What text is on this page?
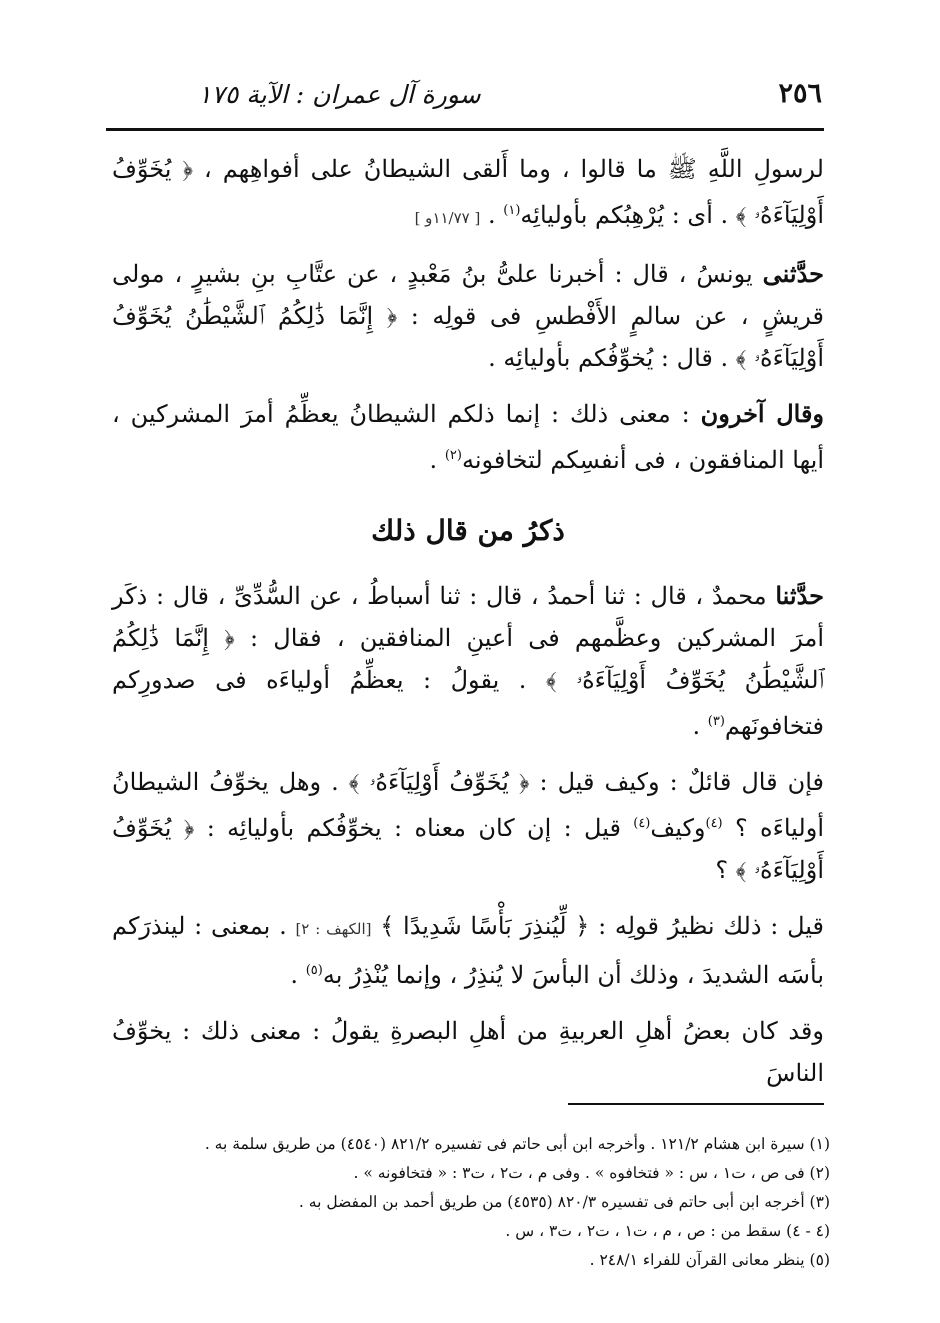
٢٥٦
سورة آل عمران : الآية ١٧٥

لرسولِ اللَّهِ ﷺ ما قالوا ، وما أَلقى الشيطانُ على أفواهِهم ، ﴿ يُخَوِّفُ أَوْلِيَآءَهُۥ ﴾ . أى : يُرْهِبُكم بأوليائِه$^{(١)}$ . [ ١١/٧٧و ]

حدَّثنى يونسُ ، قال : أخبرنا علىُّ بنُ مَعْبدٍ ، عن عتَّابِ بنِ بشيرٍ ، مولى قريشٍ ، عن سالمٍ الأَفْطسِ فى قولِه : ﴿ إِنَّمَا ذَٰلِكُمُ ٱلشَّيْطَٰنُ يُخَوِّفُ أَوْلِيَآءَهُۥ ﴾ . قال : يُخوِّفُكم بأوليائِه .

وقال آخرون : معنى ذلك : إنما ذلكم الشيطانُ يعظِّمُ أمرَ المشركين ، أيها المنافقون ، فى أنفسِكم لتخافونه$^{(٢)}$ .

ذكرُ من قال ذلك

حدَّثنا محمدٌ ، قال : ثنا أحمدُ ، قال : ثنا أسباطُ ، عن السُّدِّىِّ ، قال : ذكَر أمرَ المشركين وعظَّمهم فى أعينِ المنافقين ، فقال : ﴿ إِنَّمَا ذَٰلِكُمُ ٱلشَّيْطَٰنُ يُخَوِّفُ أَوْلِيَآءَهُۥ ﴾ . يقولُ : يعظِّمُ أولياءَه فى صدورِكم فتخافونَهم$^{(٣)}$ .

فإن قال قائلٌ : وكيف قيل : ﴿ يُخَوِّفُ أَوْلِيَآءَهُۥ ﴾ . وهل يخوِّفُ الشيطانُ أولياءَه ؟ $^{(٤)}$وكيف$^{(٤)}$ قيل : إن كان معناه : يخوِّفُكم بأوليائِه : ﴿ يُخَوِّفُ أَوْلِيَآءَهُۥ ﴾ ؟

قيل : ذلك نظيرُ قولِه : ﴿ لِّيُنذِرَ بَأْسًا شَدِيدًا ﴾ [الكهف : ٢] . بمعنى : لينذرَكم بأسَه الشديدَ ، وذلك أن البأسَ لا يُنذِرُ ، وإنما يُنْذِرُ به$^{(٥)}$ .

وقد كان بعضُ أهلِ العربيةِ من أهلِ البصرةِ يقولُ : معنى ذلك : يخوِّفُ الناسَ

(١) سيرة ابن هشام ١٢١/٢ . وأخرجه ابن أبى حاتم فى تفسيره ٨٢١/٢ (٤٥٤٠) من طريق سلمة به .

(٢) فى ص ، ت١ ، س : « فتخافوه » . وفى م ، ت٢ ، ت٣ : « فتخافونه » .

(٣) أخرجه ابن أبى حاتم فى تفسيره ٨٢٠/٣ (٤٥٣٥) من طريق أحمد بن المفضل به .

(٤ - ٤) سقط من : ص ، م ، ت١ ، ت٢ ، ت٣ ، س .

(٥) ينظر معانى القرآن للفراء ٢٤٨/١ .
